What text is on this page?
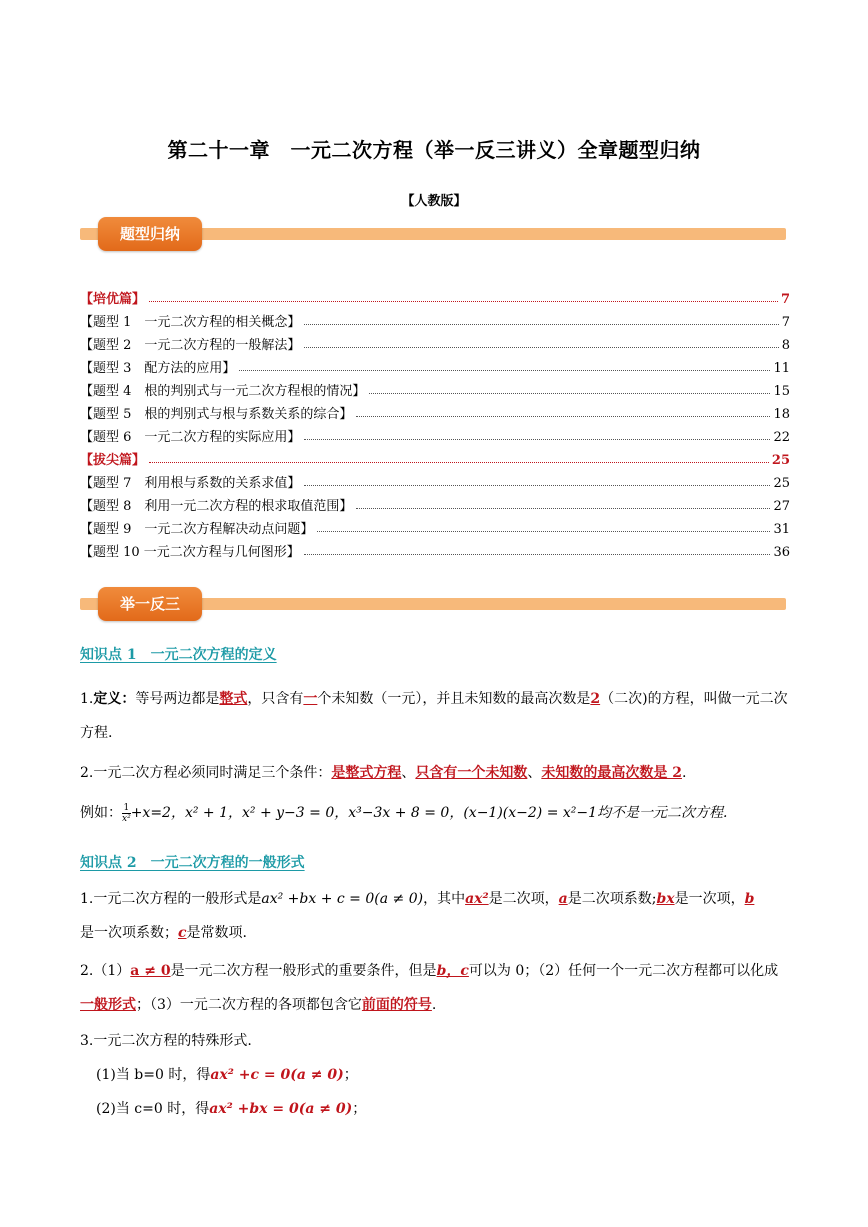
第二十一章　一元二次方程（举一反三讲义）全章题型归纳
【人教版】
题型归纳
【培优篇】	7
【题型 1　一元二次方程的相关概念】	7
【题型 2　一元二次方程的一般解法】	8
【题型 3　配方法的应用】	11
【题型 4　根的判别式与一元二次方程根的情况】	15
【题型 5　根的判别式与根与系数关系的综合】	18
【题型 6　一元二次方程的实际应用】	22
【拔尖篇】	25
【题型 7　利用根与系数的关系求值】	25
【题型 8　利用一元二次方程的根求取值范围】	27
【题型 9　一元二次方程解决动点问题】	31
【题型 10 一元二次方程与几何图形】	36
举一反三
知识点 1　一元二次方程的定义
1.定义：等号两边都是整式，只含有一个未知数（一元），并且未知数的最高次数是2（二次)的方程，叫做一元二次方程.
2.一元二次方程必须同时满足三个条件：是整式方程、只含有一个未知数、未知数的最高次数是 2.
例如： $\frac{1}{\text{x²}} +x=2$，x² + 1，x² + y−3 = 0，x³−3x + 8 = 0，(x−1)(x−2) = x²−1均不是一元二次方程.
知识点 2　一元二次方程的一般形式
1.一元二次方程的一般形式是ax² +bx + c = 0(a ≠ 0)，其中ax²是二次项，a是二次项系数;bx是一次项，b
是一次项系数；c是常数项.
2.（1）a ≠ 0是一元二次方程一般形式的重要条件，但是b，c可以为 0；（2）任何一个一元二次方程都可以化成一般形式；（3）一元二次方程的各项都包含它前面的符号.
3.一元二次方程的特殊形式.
(1)当 b=0 时，得ax² +c = 0(a ≠ 0)；
(2)当 c=0 时，得ax² +bx = 0(a ≠ 0)；
